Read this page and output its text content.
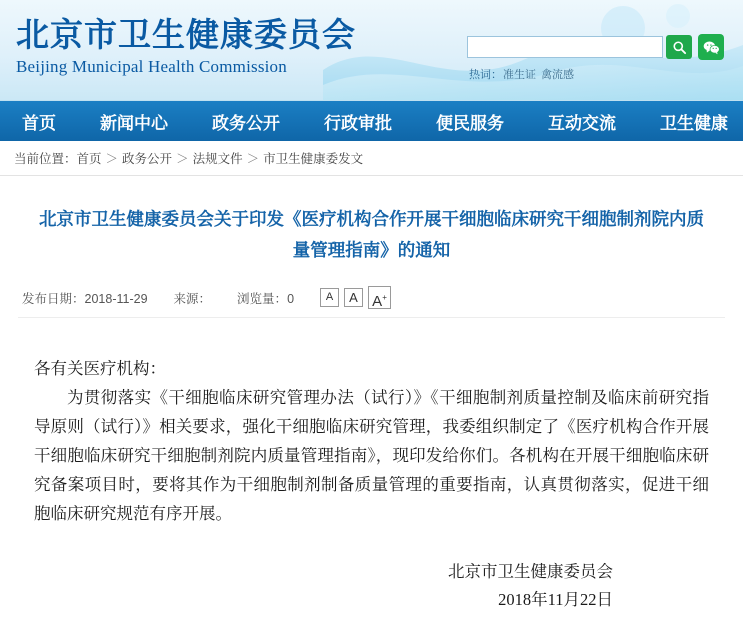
北京市卫生健康委员会
Beijing Municipal Health Commission	热词：准生证 禽流感
首页	新闻中心	政务公开	行政审批	便民服务	互动交流	卫生健康
当前位置： 首页 ＞ 政务公开 ＞ 法规文件 ＞ 市卫生健康委发文
北京市卫生健康委员会关于印发《医疗机构合作开展干细胞临床研究干细胞制剂院内质量管理指南》的通知
发布日期：2018-11-29 来源： 浏览量：0	A	A A+

各有关医疗机构：

为贯彻落实《干细胞临床研究管理办法（试行）》《干细胞制剂质量控制及临床前研究指导原则（试行）》相关要求，强化干细胞临床研究管理，我委组织制定了《医疗机构合作开展干细胞临床研究干细胞制剂院内质量管理指南》，现印发给你们。各机构在开展干细胞临床研究备案项目时，要将其作为干细胞制剂制备质量管理的重要指南，认真贯彻落实，促进干细胞临床研究规范有序开展。

北京市卫生健康委员会
2018年11月22日
